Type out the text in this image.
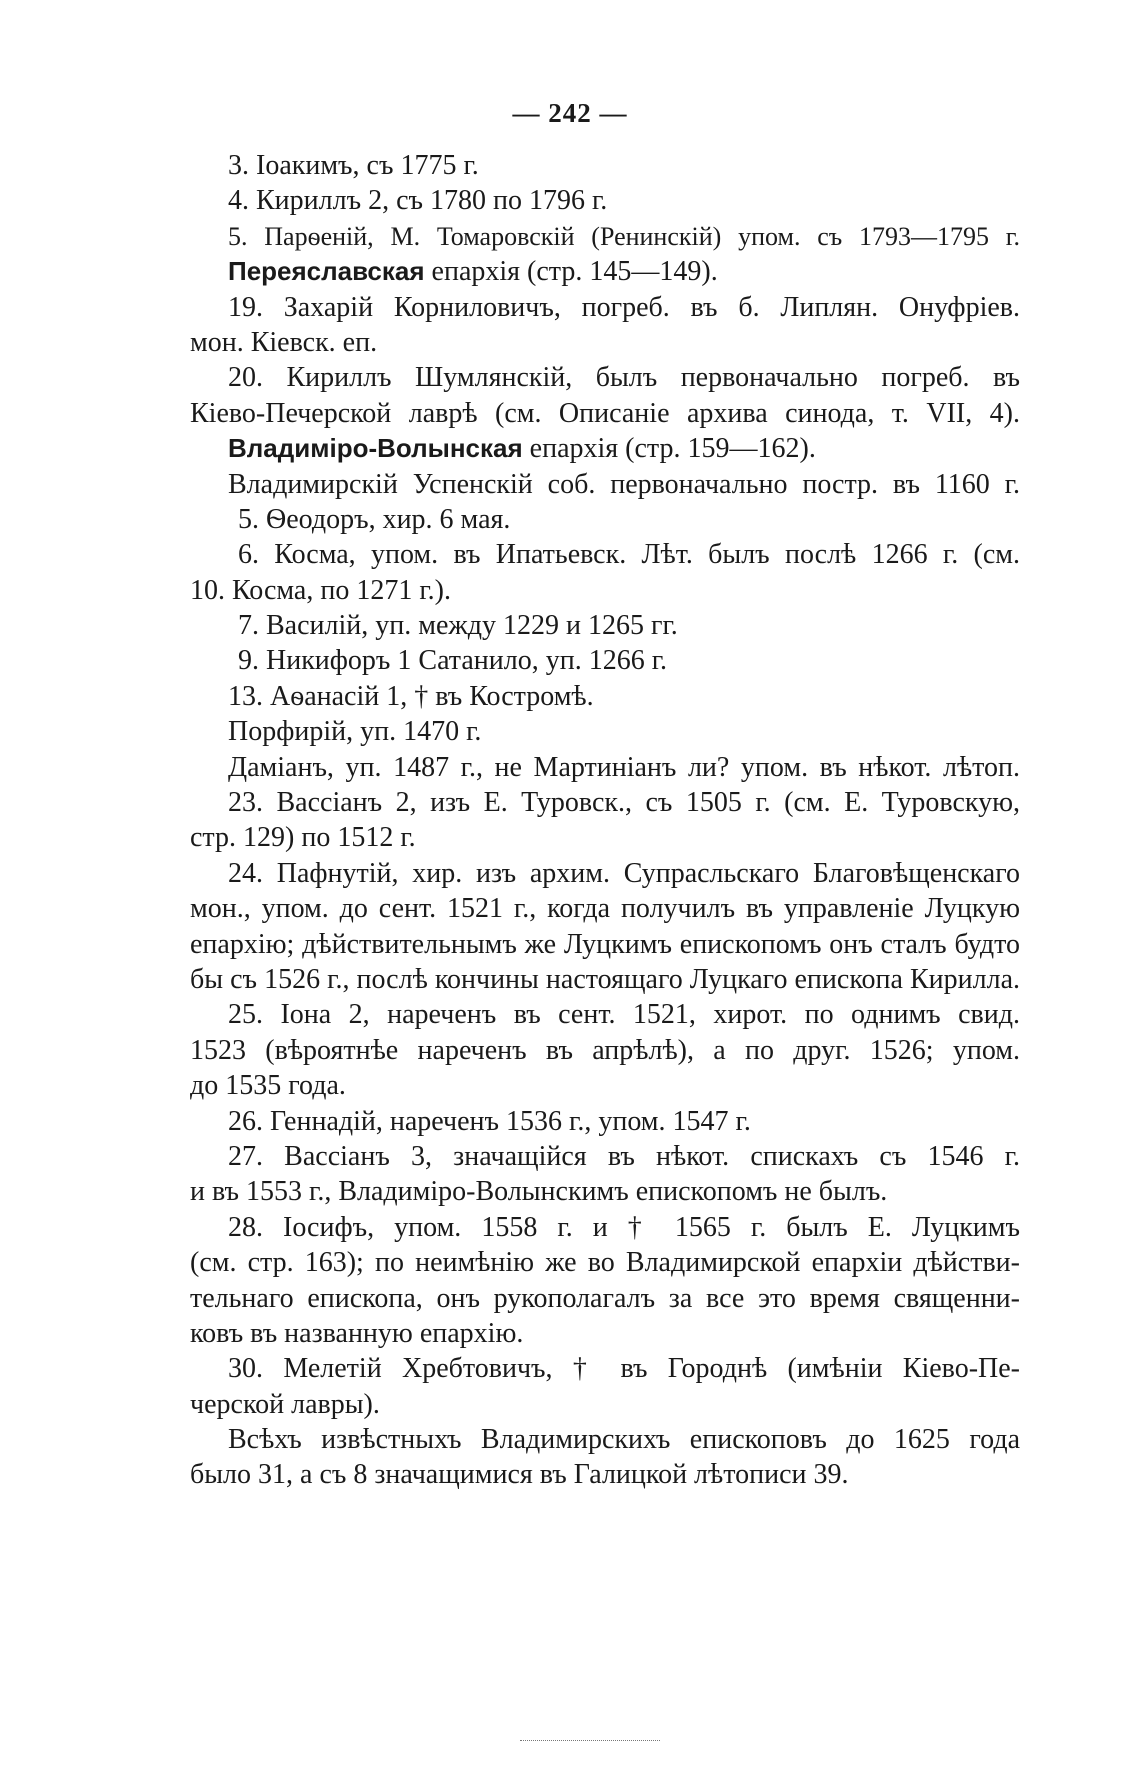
— 242 —
3. Іоакимъ, съ 1775 г.
4. Кириллъ 2, съ 1780 по 1796 г.
5. Парѳеній, М. Томаровскій (Ренинскій) упом. съ 1793—1795 г.
Переяславская епархія (стр. 145—149).
19. Захарій Корниловичъ, погреб. въ б. Липлян. Онуфріев.
мон. Кіевск. еп.
20. Кириллъ Шумлянскій, былъ первоначально погреб. въ
Кіево-Печерской лаврѣ (см. Описаніе архива синода, т. VII, 4).
Владиміро-Волынская епархія (стр. 159—162).
Владимирскій Успенскій соб. первоначально постр. въ 1160 г.
5. Ѳеодоръ, хир. 6 мая.
6. Косма, упом. въ Ипатьевск. Лѣт. былъ послѣ 1266 г. (см.
10. Косма, по 1271 г.).
7. Василій, уп. между 1229 и 1265 гг.
9. Никифоръ 1 Сатанило, уп. 1266 г.
13. Аѳанасій 1, † въ Костромѣ.
Порфирій, уп. 1470 г.
Даміанъ, уп. 1487 г., не Мартиніанъ ли? упом. въ нѣкот. лѣтоп.
23. Вассіанъ 2, изъ Е. Туровск., съ 1505 г. (см. Е. Туровскую,
стр. 129) по 1512 г.
24. Пафнутій, хир. изъ архим. Супрасльскаго Благовѣщенскаго
мон., упом. до сент. 1521 г., когда получилъ въ управленіе Луцкую
епархію; дѣйствительнымъ же Луцкимъ епископомъ онъ сталъ будто
бы съ 1526 г., послѣ кончины настоящаго Луцкаго епископа Кирилла.
25. Іона 2, нареченъ въ сент. 1521, хирот. по однимъ свид.
1523 (вѣроятнѣе нареченъ въ апрѣлѣ), а по друг. 1526; упом.
до 1535 года.
26. Геннадій, нареченъ 1536 г., упом. 1547 г.
27. Вассіанъ 3, значащійся въ нѣкот. спискахъ съ 1546 г.
и въ 1553 г., Владиміро-Волынскимъ епископомъ не былъ.
28. Іосифъ, упом. 1558 г. и † 1565 г. былъ Е. Луцкимъ
(см. стр. 163); по неимѣнію же во Владимирской епархіи дѣйстви-
тельнаго епископа, онъ рукополагалъ за все это время священни-
ковъ въ названную епархію.
30. Мелетій Хребтовичъ, † въ Городнѣ (имѣніи Кіево-Пе-
черской лавры).
Всѣхъ извѣстныхъ Владимирскихъ епископовъ до 1625 года
было 31, а съ 8 значащимися въ Галицкой лѣтописи 39.
